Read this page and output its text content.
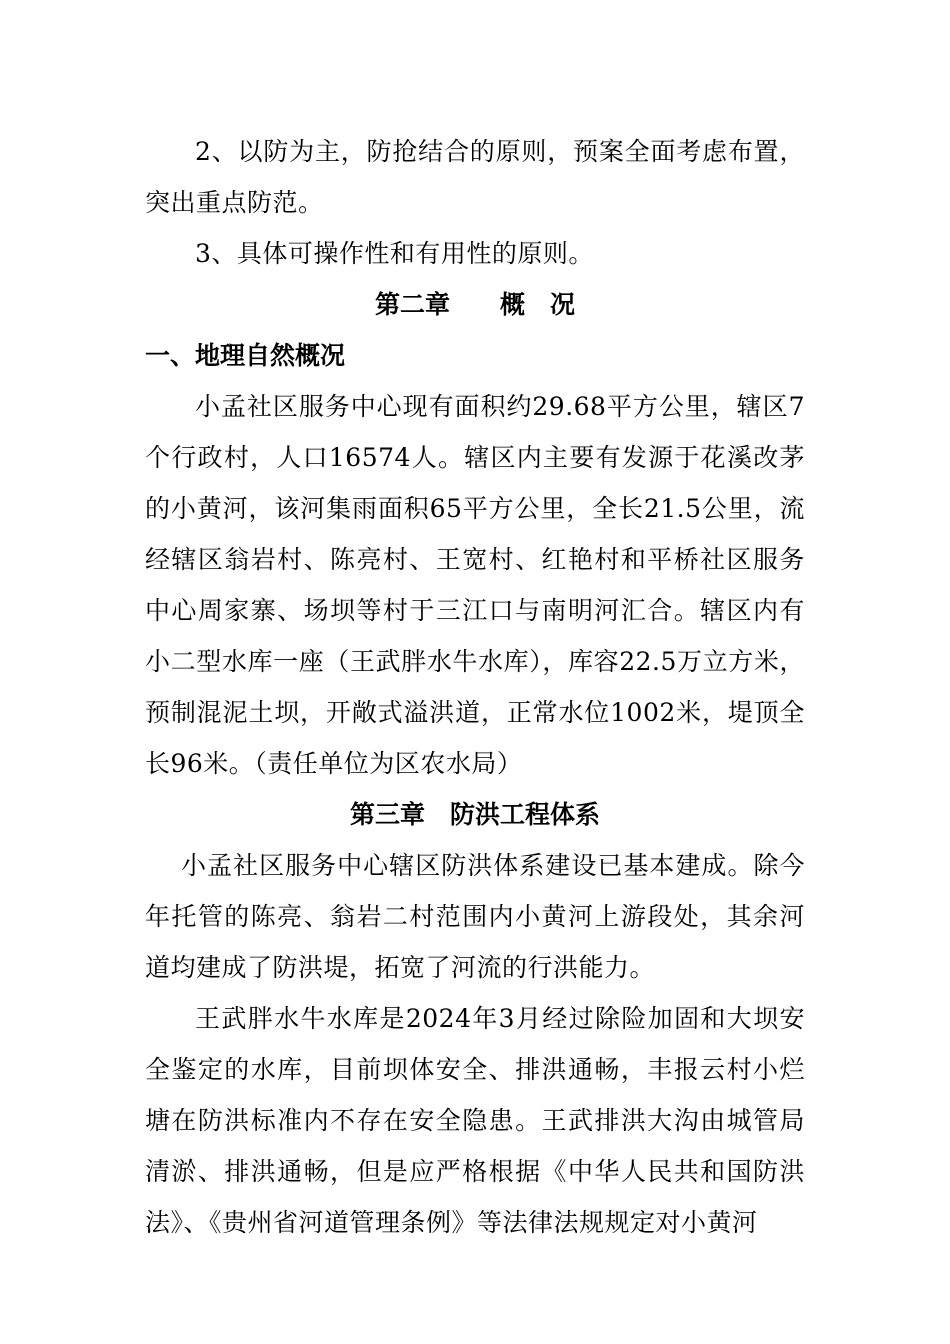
2、以防为主，防抢结合的原则，预案全面考虑布置，突出重点防范。

3、具体可操作性和有用性的原则。

第二章　　概　况

一、地理自然概况

小孟社区服务中心现有面积约29.68平方公里，辖区7个行政村，人口16574人。辖区内主要有发源于花溪改茅的小黄河，该河集雨面积65平方公里，全长21.5公里，流经辖区翁岩村、陈亮村、王宽村、红艳村和平桥社区服务中心周家寨、场坝等村于三江口与南明河汇合。辖区内有小二型水库一座（王武胖水牛水库），库容22.5万立方米，预制混泥土坝，开敞式溢洪道，正常水位1002米，堤顶全长96米。（责任单位为区农水局）

第三章　防洪工程体系

小孟社区服务中心辖区防洪体系建设已基本建成。除今年托管的陈亮、翁岩二村范围内小黄河上游段处，其余河道均建成了防洪堤，拓宽了河流的行洪能力。

王武胖水牛水库是2024年3月经过除险加固和大坝安全鉴定的水库，目前坝体安全、排洪通畅，丰报云村小烂塘在防洪标准内不存在安全隐患。王武排洪大沟由城管局清淤、排洪通畅，但是应严格根据《中华人民共和国防洪法》、《贵州省河道管理条例》等法律法规规定对小黄河
